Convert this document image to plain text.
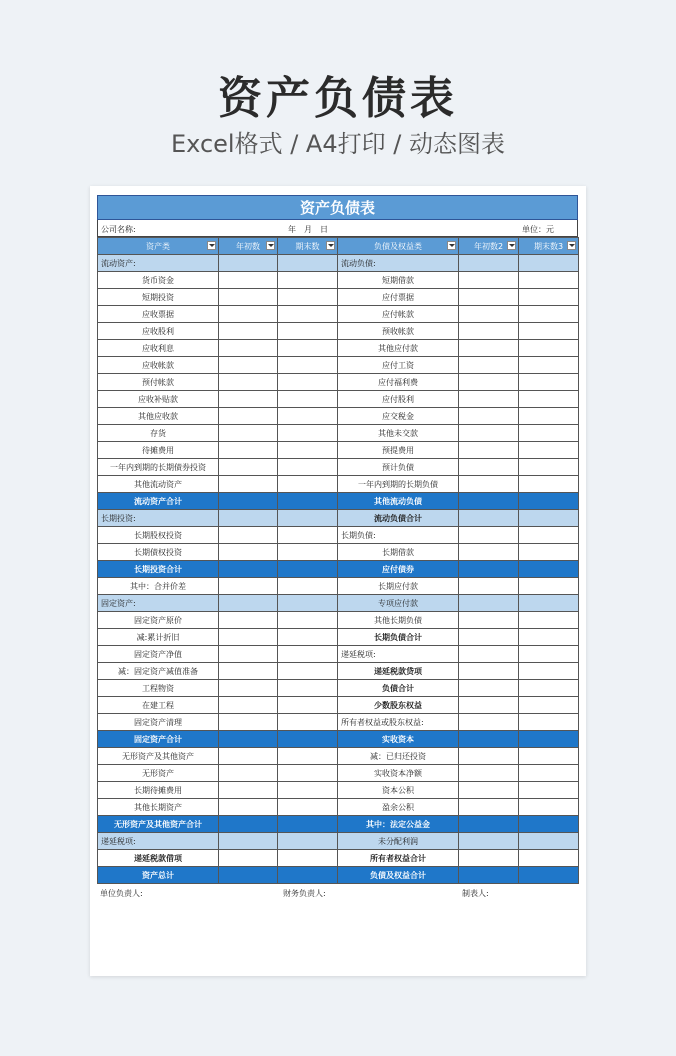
资产负债表
Excel格式 / A4打印 / 动态图表
资产负债表
公司名称:	年　月　日	单位：元
资产类	年初数	期末数	负债及权益类	年初数2	期末数3

流动资产:			流动负债:		
货币资金			短期借款		
短期投资			应付票据		
应收票据			应付帐款		
应收股利			预收帐款		
应收利息			其他应付款		
应收帐款			应付工资		
预付帐款			应付福利费		
应收补贴款			应付股利		
其他应收款			应交税金		
存货			其他未交款		
待摊费用			预提费用		
一年内到期的长期债券投资			预计负债		
其他流动资产			一年内到期的长期负债		
流动资产合计			其他流动负债		
长期投资:			流动负债合计		
长期股权投资			长期负债:		
长期债权投资			长期借款		
长期投资合计			应付债券		
其中：合并价差			长期应付款		
固定资产:			专项应付款		
固定资产原价			其他长期负债		
减:累计折旧			长期负债合计		
固定资产净值			递延税项:		
减：固定资产减值准备			递延税款贷项		
工程物资			负债合计		
在建工程			少数股东权益		
固定资产清理			所有者权益或股东权益:		
固定资产合计			实收资本		
无形资产及其他资产			减：已归还投资		
无形资产			实收资本净额		
长期待摊费用			资本公积		
其他长期资产			盈余公积		
无形资产及其他资产合计			其中：法定公益金		
递延税项:			未分配利润		
递延税款借项			所有者权益合计		
资产总计			负债及权益合计		
单位负责人:	财务负责人:	制表人:
